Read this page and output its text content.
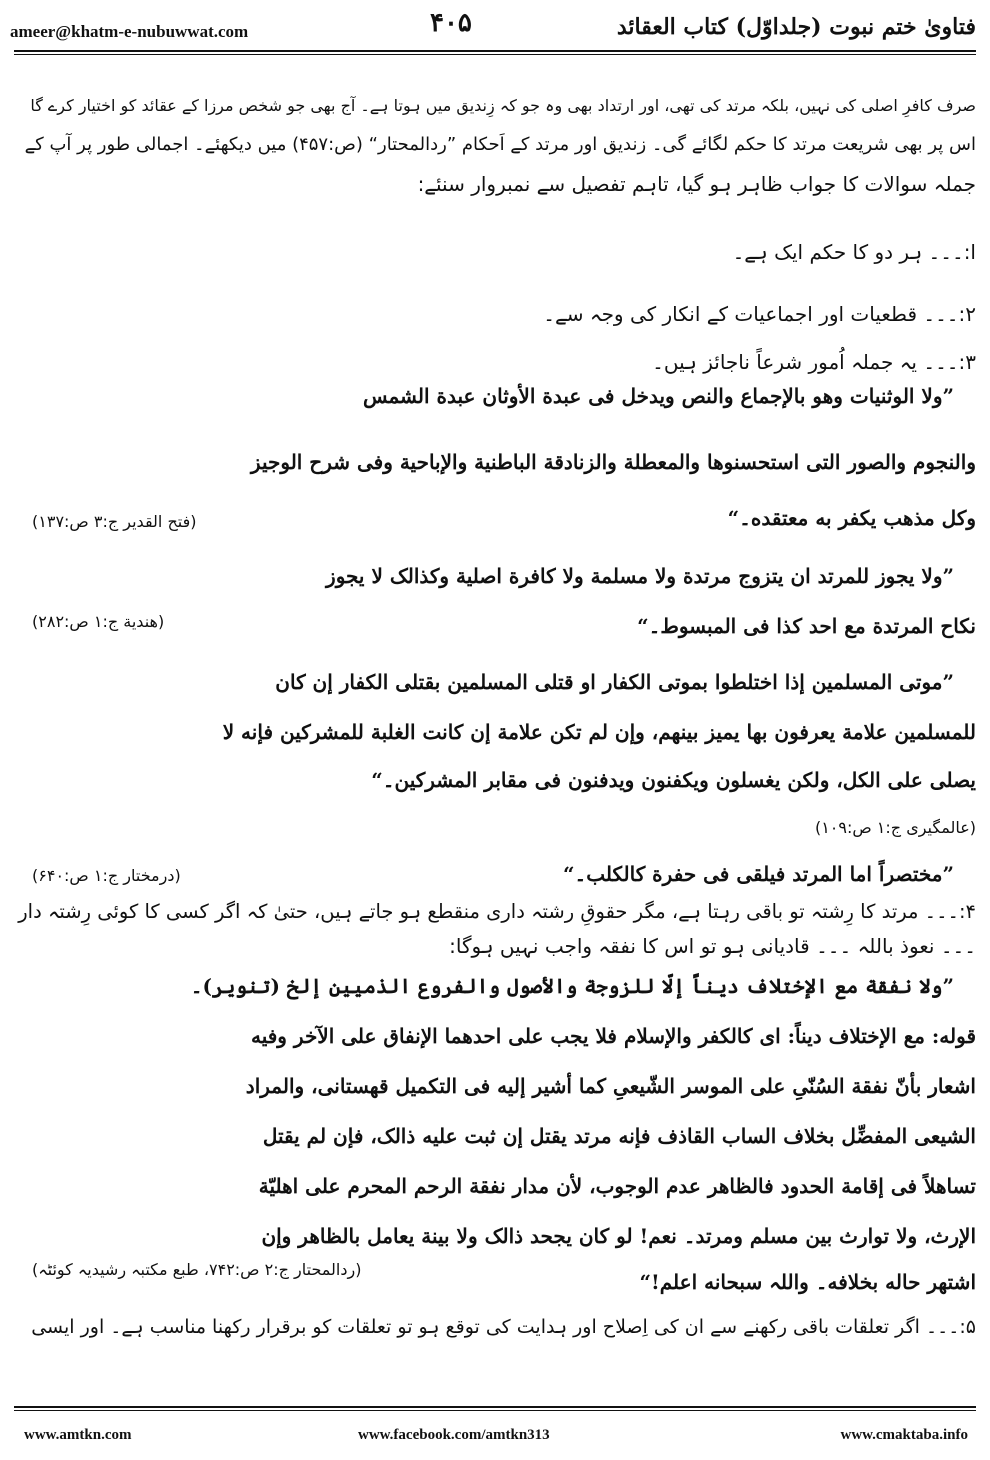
ameer@khatm-e-nubuwwat.com	۴۰۵	فتاویٰ ختم نبوت (جلداوّل) کتاب العقائد
صرف کافرِ اصلی کی نہیں، بلکہ مرتد کی تھی، اور ارتداد بھی وہ جو کہ زِندیق میں ہوتا ہے۔ آج بھی جو شخص مرزا کے عقائد کو اختیار کرے گا
اس پر بھی شریعت مرتد کا حکم لگائے گی۔ زندیق اور مرتد کے اَحکام ”ردالمحتار“ (ص:۴۵۷) میں دیکھئے۔ اجمالی طور پر آپ کے
جملہ سوالات کا جواب ظاہر ہو گیا، تاہم تفصیل سے نمبروار سنئے:
ا:۔۔۔ ہر دو کا حکم ایک ہے۔
۲:۔۔۔ قطعیات اور اجماعیات کے انکار کی وجہ سے۔
۳:۔۔۔ یہ جملہ اُمور شرعاً ناجائز ہیں۔
”ولا الوثنیات وهو بالإجماع والنص ویدخل فی عبدة الأوثان عبدة الشمس
والنجوم والصور التی استحسنوها والمعطلة والزنادقة الباطنیة والإباحیة وفی شرح الوجیز
وکل مذهب یکفر به معتقده۔“
(فتح القدیر ج:۳ ص:۱۳۷)
”ولا یجوز للمرتد ان یتزوج مرتدة ولا مسلمة ولا کافرة اصلیة وکذالک لا یجوز
نکاح المرتدة مع احد کذا فی المبسوط۔“
(هندیة ج:۱ ص:۲۸۲)
”موتی المسلمین إذا اختلطوا بموتی الکفار او قتلی المسلمین بقتلی الکفار إن کان
للمسلمین علامة یعرفون بها یمیز بینهم، وإن لم تکن علامة إن کانت الغلبة للمشرکین فإنه لا
یصلی علی الکل، ولکن یغسلون ویکفنون ویدفنون فی مقابر المشرکین۔“
(عالمگیری ج:۱ ص:۱۰۹)
”مختصراً اما المرتد فیلقی فی حفرة کالکلب۔“
(درمختار ج:۱ ص:۶۴۰)
۴:۔۔۔ مرتد کا رِشتہ تو باقی رہتا ہے، مگر حقوقِ رشتہ داری منقطع ہو جاتے ہیں، حتیٰ کہ اگر کسی کا کوئی رِشتہ دار
۔۔۔ نعوذ باللہ ۔۔۔ قادیانی ہو تو اس کا نفقہ واجب نہیں ہوگا:
”ولا نفقة مع الإختلاف دیناً إلّا للزوجة والأصول والفروع الذمیین إلخ (تنویر)۔
قوله: مع الإختلاف دیناً: ای کالکفر والإسلام فلا یجب علی احدهما الإنفاق علی الآخر وفیه
اشعار بأنّ نفقة السُنّیِ علی الموسر الشّیعیِ کما أشیر إلیه فی التکمیل قهستانی، والمراد
الشیعی المفضِّل بخلاف الساب القاذف فإنه مرتد یقتل إن ثبت علیه ذالک، فإن لم یقتل
تساهلاً فی إقامة الحدود فالظاهر عدم الوجوب، لأن مدار نفقة الرحم المحرم علی اهلیّة
الإرث، ولا توارث بین مسلم ومرتد۔ نعم! لو کان یجحد ذالک ولا بینة یعامل بالظاهر وإن
اشتهر حاله بخلافه۔ واللہ سبحانه اعلم!“
(ردالمحتار ج:۲ ص:۷۴۲، طبع مکتبہ رشیدیہ کوئٹہ)
۵:۔۔۔ اگر تعلقات باقی رکھنے سے ان کی اِصلاح اور ہدایت کی توقع ہو تو تعلقات کو برقرار رکھنا مناسب ہے۔ اور ایسی
www.amtkn.com	www.facebook.com/amtkn313	www.cmaktaba.info
